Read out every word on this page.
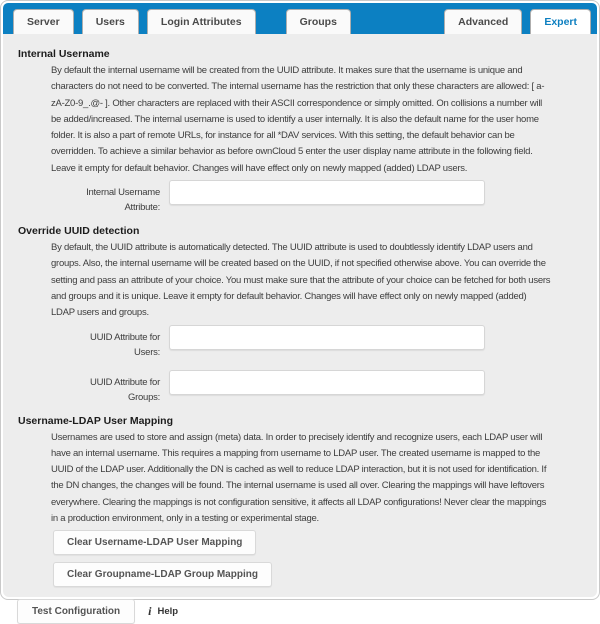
Server	Users	Login Attributes	Groups	Advanced	Expert
Internal Username

By default the internal username will be created from the UUID attribute. It makes sure that the username is unique and characters do not need to be converted. The internal username has the restriction that only these characters are allowed: [ a-zA-Z0-9_.@- ]. Other characters are replaced with their ASCII correspondence or simply omitted. On collisions a number will be added/increased. The internal username is used to identify a user internally. It is also the default name for the user home folder. It is also a part of remote URLs, for instance for all *DAV services. With this setting, the default behavior can be overridden. To achieve a similar behavior as before ownCloud 5 enter the user display name attribute in the following field. Leave it empty for default behavior. Changes will have effect only on newly mapped (added) LDAP users.

Internal Username Attribute:
Override UUID detection

By default, the UUID attribute is automatically detected. The UUID attribute is used to doubtlessly identify LDAP users and groups. Also, the internal username will be created based on the UUID, if not specified otherwise above. You can override the setting and pass an attribute of your choice. You must make sure that the attribute of your choice can be fetched for both users and groups and it is unique. Leave it empty for default behavior. Changes will have effect only on newly mapped (added) LDAP users and groups.

UUID Attribute for Users:
UUID Attribute for Groups:
Username-LDAP User Mapping

Usernames are used to store and assign (meta) data. In order to precisely identify and recognize users, each LDAP user will have an internal username. This requires a mapping from username to LDAP user. The created username is mapped to the UUID of the LDAP user. Additionally the DN is cached as well to reduce LDAP interaction, but it is not used for identification. If the DN changes, the changes will be found. The internal username is used all over. Clearing the mappings will have leftovers everywhere. Clearing the mappings is not configuration sensitive, it affects all LDAP configurations! Never clear the mappings in a production environment, only in a testing or experimental stage.

Clear Username-LDAP User Mapping
Clear Groupname-LDAP Group Mapping
Test Configuration	i Help
